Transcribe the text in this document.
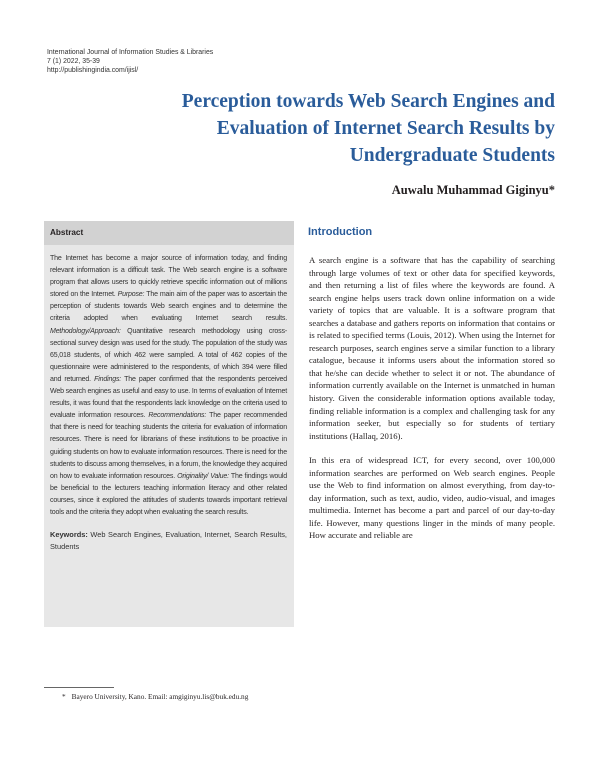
International Journal of Information Studies & Libraries
7 (1) 2022, 35-39
http://publishingindia.com/ijisl/
Perception towards Web Search Engines and
Evaluation of Internet Search Results by
Undergraduate Students
Auwalu Muhammad Giginyu*
Abstract

The Internet has become a major source of information today, and finding relevant information is a difficult task. The Web search engine is a software program that allows users to quickly retrieve specific information out of millions stored on the Internet. Purpose: The main aim of the paper was to ascertain the perception of students towards Web search engines and to determine the criteria adopted when evaluating Internet search results. Methodology/Approach: Quantitative research methodology using cross-sectional survey design was used for the study. The population of the study was 65,018 students, of which 462 were sampled. A total of 462 copies of the questionnaire were administered to the respondents, of which 394 were filled and returned. Findings: The paper confirmed that the respondents perceived Web search engines as useful and easy to use. In terms of evaluation of Internet results, it was found that the respondents lack knowledge on the criteria used to evaluate information resources. Recommendations: The paper recommended that there is need for teaching students the criteria for evaluation of information resources. There is need for librarians of these institutions to be proactive in guiding students on how to evaluate information resources. There is need for the students to discuss among themselves, in a forum, the knowledge they acquired on how to evaluate information resources. Originality/ Value: The findings would be beneficial to the lecturers teaching information literacy and other related courses, since it explored the attitudes of students towards important retrieval tools and the criteria they adopt when evaluating the search results.

Keywords: Web Search Engines, Evaluation, Internet, Search Results, Students
Introduction

A search engine is a software that has the capability of searching through large volumes of text or other data for specified keywords, and then returning a list of files where the keywords are found. A search engine helps users track down online information on a wide variety of topics that are valuable. It is a software program that searches a database and gathers reports on information that contains or is related to specified terms (Louis, 2012). When using the Internet for research purposes, search engines serve a similar function to a library catalogue, because it informs users about the information stored so that he/she can decide whether to select it or not. The abundance of information currently available on the Internet is unmatched in human history. Given the considerable information options available today, finding reliable information is a complex and challenging task for any information seeker, but especially so for students of tertiary institutions (Hallaq, 2016).

In this era of widespread ICT, for every second, over 100,000 information searches are performed on Web search engines. People use the Web to find information on almost everything, from day-to-day information, such as text, audio, video, audio-visual, and images multimedia. Internet has become a part and parcel of our day-to-day life. However, many questions linger in the minds of many people. How accurate and reliable are

* Bayero University, Kano. Email: amgiginyu.lis@buk.edu.ng
